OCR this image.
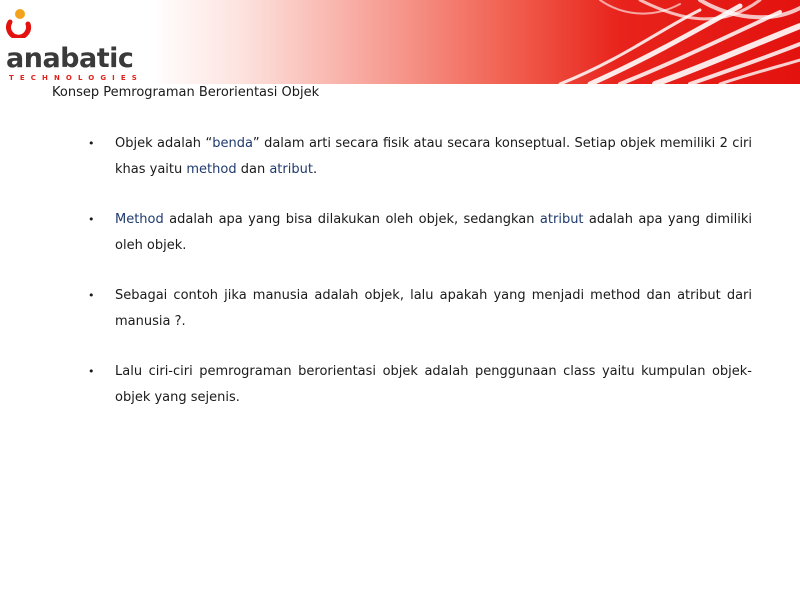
anabatic
TECHNOLOGIES
Konsep Pemrograman Berorientasi Objek
• Objek adalah “benda” dalam arti secara fisik atau secara konseptual. Setiap objek memiliki 2 ciri khas yaitu method dan atribut.
• Method adalah apa yang bisa dilakukan oleh objek, sedangkan atribut adalah apa yang dimiliki oleh objek.
• Sebagai contoh jika manusia adalah objek, lalu apakah yang menjadi method dan atribut dari manusia ?.
• Lalu ciri-ciri pemrograman berorientasi objek adalah penggunaan class yaitu kumpulan objek-objek yang sejenis.
